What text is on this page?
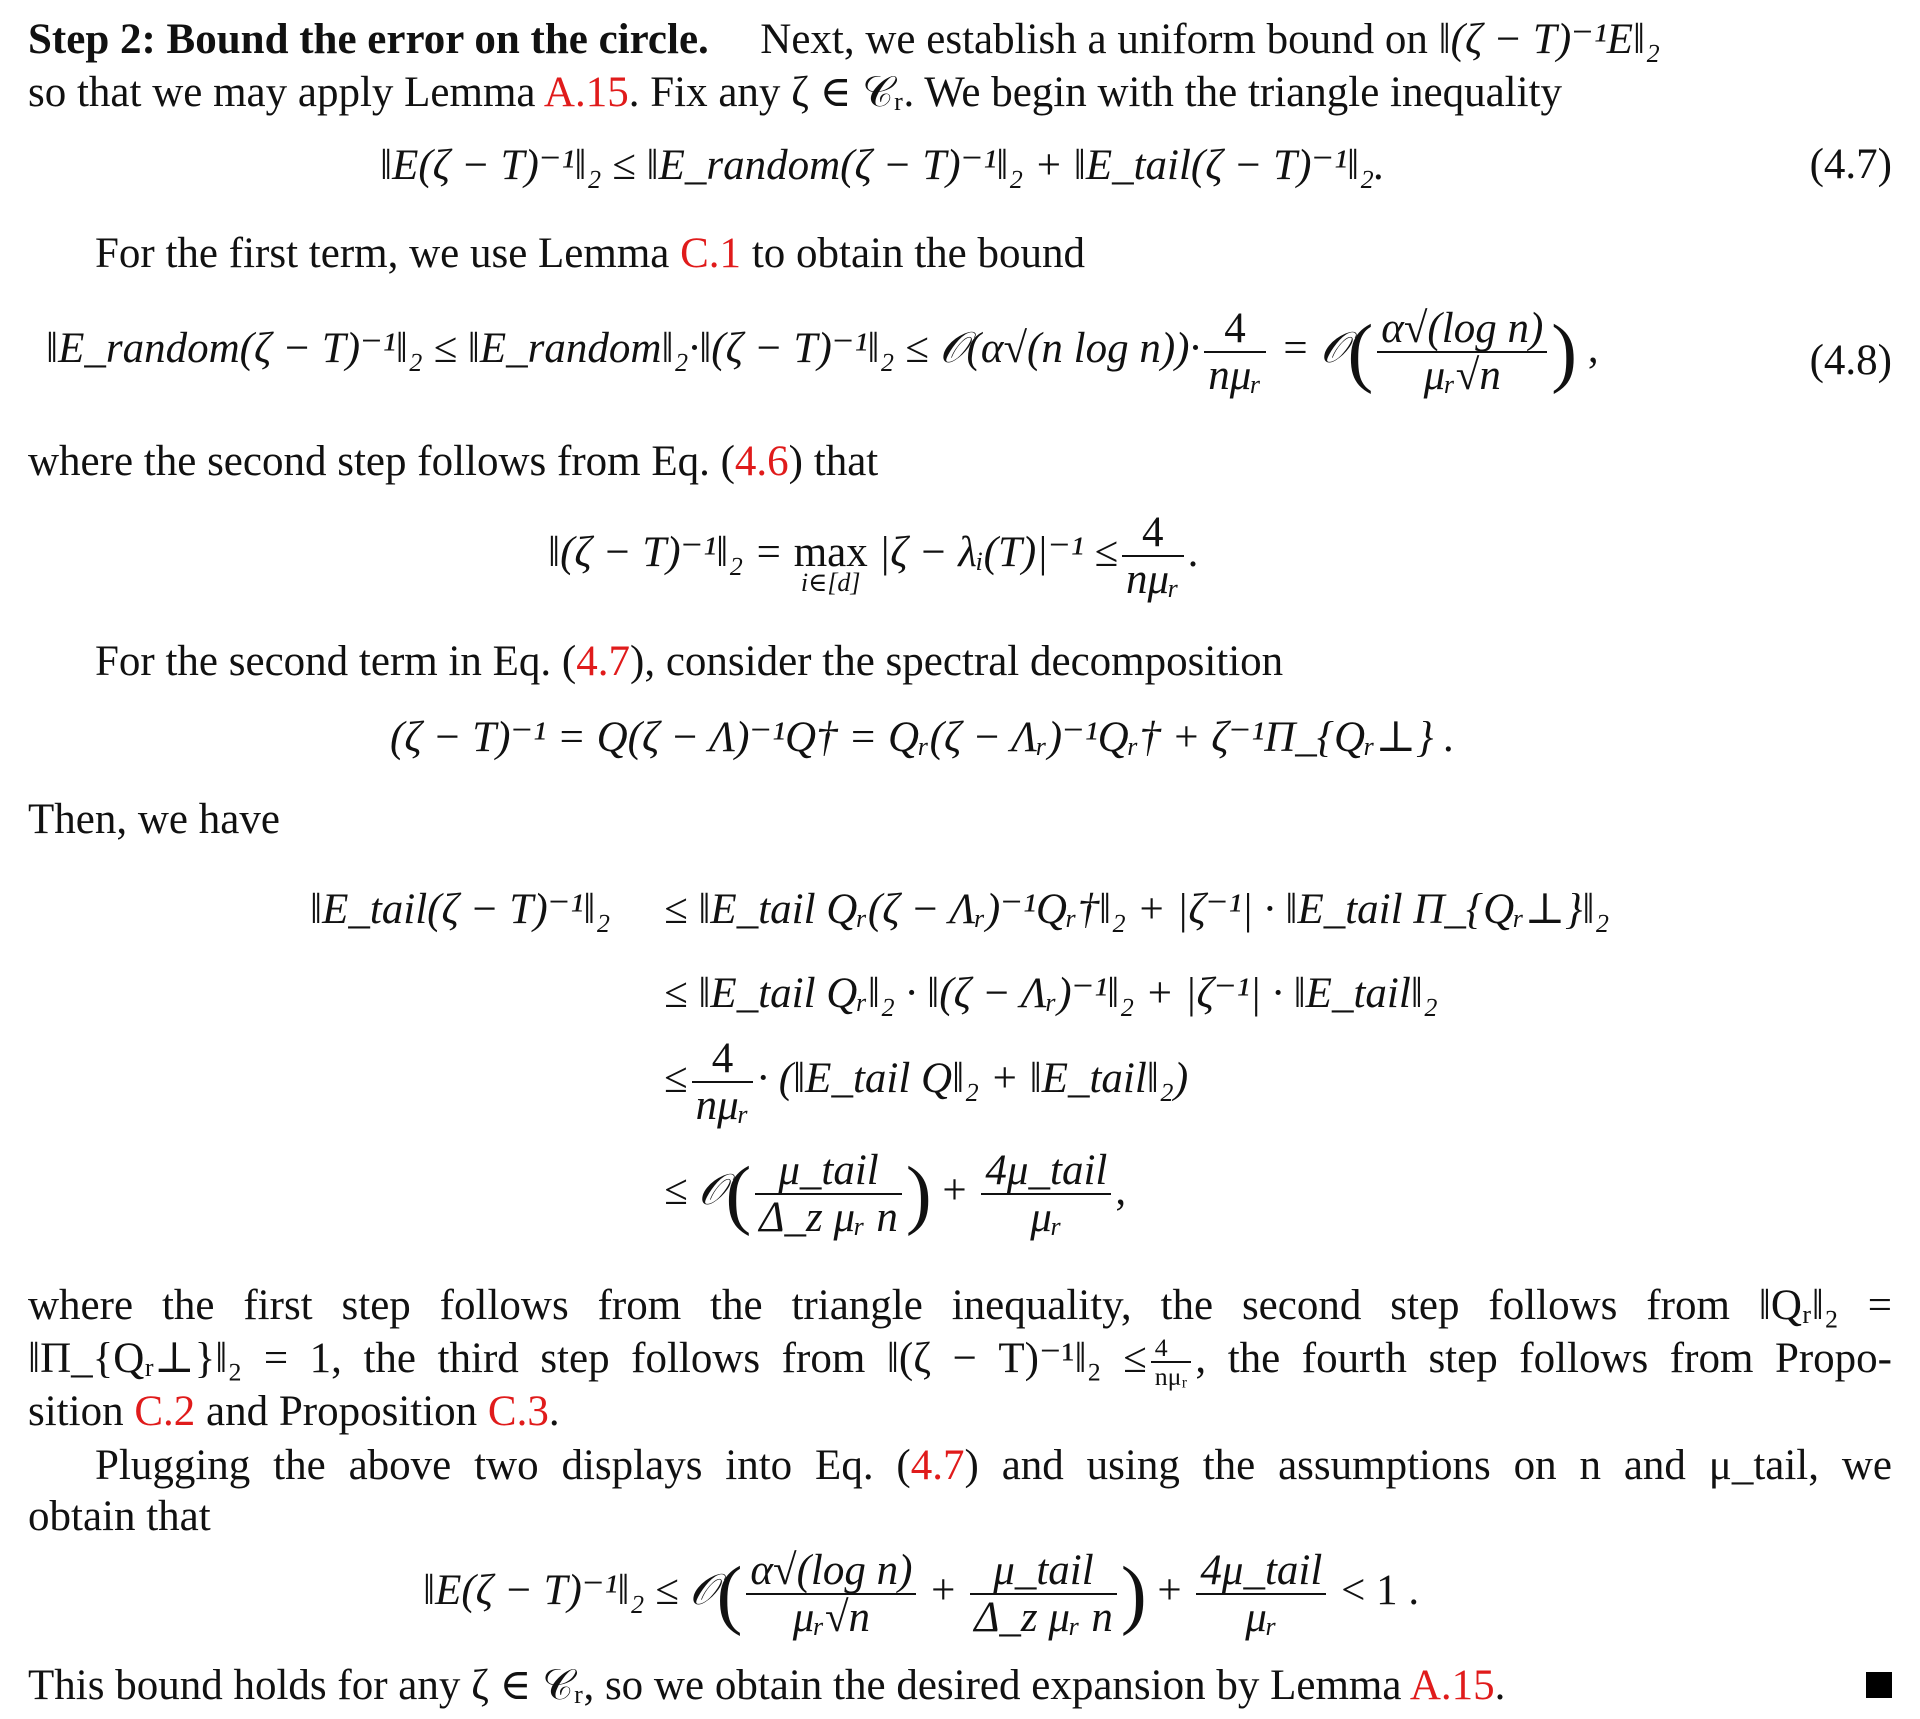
Step 2: Bound the error on the circle. Next, we establish a uniform bound on ‖(ζ − T)⁻¹E‖₂
so that we may apply Lemma A.15. Fix any ζ ∈ 𝒞ᵣ. We begin with the triangle inequality
‖E(ζ − T)⁻¹‖₂ ≤ ‖E_random(ζ − T)⁻¹‖₂ + ‖E_tail(ζ − T)⁻¹‖₂.	(4.7)
For the first term, we use Lemma C.1 to obtain the bound
‖E_random(ζ − T)⁻¹‖₂ ≤ ‖E_random‖₂·‖(ζ − T)⁻¹‖₂ ≤ 𝒪(α√(n $\log n))\cdot \frac{4}{\text{nμᵣ}}$ = 𝒪( $\frac{\text{α√(log n)}}{\text{μᵣ√n}}$ ) ,	(4.8)
where the second step follows from Eq. (4.6) that
‖(ζ − T)⁻¹‖₂ = max
i∈[d]
|ζ − λᵢ(T)|⁻¹ ≤ $\frac{4}{\text{nμᵣ}}$ .
For the second term in Eq. (4.7), consider the spectral decomposition
(ζ − T)⁻¹ = Q(ζ − Λ)⁻¹Q† = Qᵣ(ζ − Λᵣ)⁻¹Qᵣ† + ζ⁻¹Π_{Qᵣ⊥} .
Then, we have
‖E_tail(ζ − T)⁻¹‖₂ ≤ ‖E_tail Qᵣ(ζ − Λᵣ)⁻¹Qᵣ†‖₂ + |ζ⁻¹| · ‖E_tail Π_{Qᵣ⊥}‖₂
≤ ‖E_tail Qᵣ‖₂ · ‖(ζ − Λᵣ)⁻¹‖₂ + |ζ⁻¹| · ‖E_tail‖₂
≤ $\frac{4}{\text{nμᵣ}}$ · (‖E_tail Q‖₂ + ‖E_tail‖₂)
≤ 𝒪( $\frac{\text{μ\_tail}}{\text{Δ\_z μᵣ n}}$ ) + $\frac{\text{4μ\_tail}}{\text{μᵣ}}$ ,
where the first step follows from the triangle inequality, the second step follows from ‖Qᵣ‖₂ =
‖Π_{Qᵣ⊥}‖₂ = 1, the third step follows from ‖(ζ − T)⁻¹‖₂ ≤ $\frac{4}{\text{nμᵣ}}$ , the fourth step follows from Propo-
sition C.2 and Proposition C.3.
Plugging the above two displays into Eq. (4.7) and using the assumptions on n and μ_tail, we
obtain that
‖E(ζ − T)⁻¹‖₂ ≤ 𝒪( $\frac{\text{α√(log n)}}{\text{μᵣ√n}} + \frac{\text{μ\_tail}}{\text{Δ\_z μᵣ n}}$ ) + $\frac{\text{4μ\_tail}}{\text{μᵣ}} < 1$ .
This bound holds for any ζ ∈ 𝒞ᵣ, so we obtain the desired expansion by Lemma A.15.
